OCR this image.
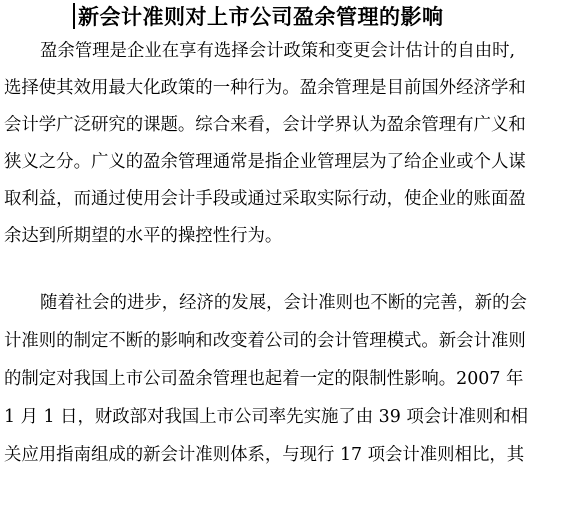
新会计准则对上市公司盈余管理的影响
盈余管理是企业在享有选择会计政策和变更会计估计的自由时,
选择使其效用最大化政策的一种行为。盈余管理是目前国外经济学和
会计学广泛研究的课题。综合来看，会计学界认为盈余管理有广义和
狭义之分。广义的盈余管理通常是指企业管理层为了给企业或个人谋
取利益，而通过使用会计手段或通过采取实际行动，使企业的账面盈
余达到所期望的水平的操控性行为。
随着社会的进步，经济的发展，会计准则也不断的完善，新的会
计准则的制定不断的影响和改变着公司的会计管理模式。新会计准则
的制定对我国上市公司盈余管理也起着一定的限制性影响。2007 年
1 月 1 日，财政部对我国上市公司率先实施了由 39 项会计准则和相
关应用指南组成的新会计准则体系，与现行 17 项会计准则相比，其
